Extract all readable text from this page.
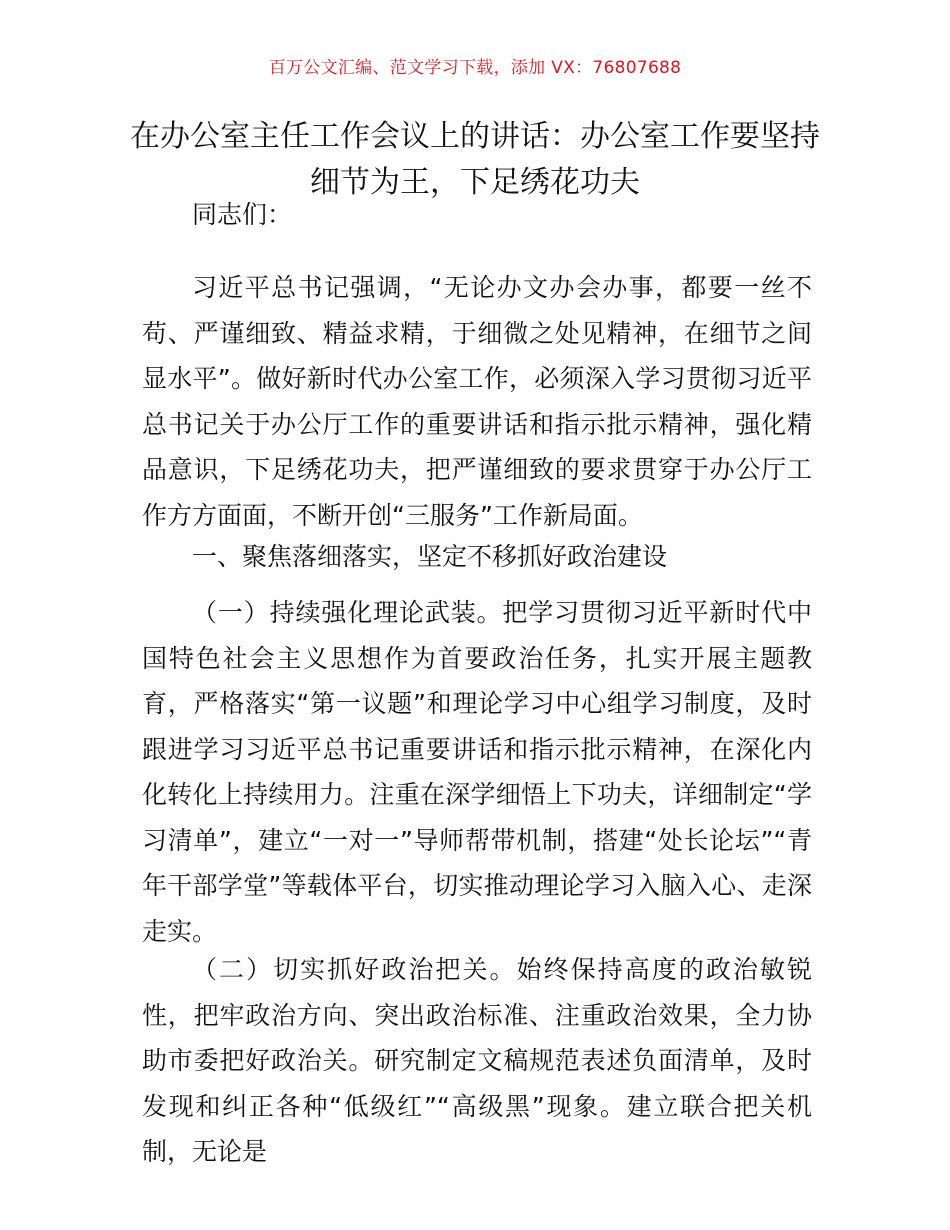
百万公文汇编、范文学习下载，添加 VX：76807688
在办公室主任工作会议上的讲话：办公室工作要坚持细节为王，下足绣花功夫

同志们：

习近平总书记强调，“无论办文办会办事，都要一丝不苟、严谨细致、精益求精，于细微之处见精神，在细节之间显水平”。做好新时代办公室工作，必须深入学习贯彻习近平总书记关于办公厅工作的重要讲话和指示批示精神，强化精品意识，下足绣花功夫，把严谨细致的要求贯穿于办公厅工作方方面面，不断开创“三服务”工作新局面。

一、聚焦落细落实，坚定不移抓好政治建设

（一）持续强化理论武装。把学习贯彻习近平新时代中国特色社会主义思想作为首要政治任务，扎实开展主题教育，严格落实“第一议题”和理论学习中心组学习制度，及时跟进学习习近平总书记重要讲话和指示批示精神，在深化内化转化上持续用力。注重在深学细悟上下功夫，详细制定“学习清单”，建立“一对一”导师帮带机制，搭建“处长论坛”“青年干部学堂”等载体平台，切实推动理论学习入脑入心、走深走实。

（二）切实抓好政治把关。始终保持高度的政治敏锐性，把牢政治方向、突出政治标准、注重政治效果，全力协助市委把好政治关。研究制定文稿规范表述负面清单，及时发现和纠正各种“低级红”“高级黑”现象。建立联合把关机制，无论是
